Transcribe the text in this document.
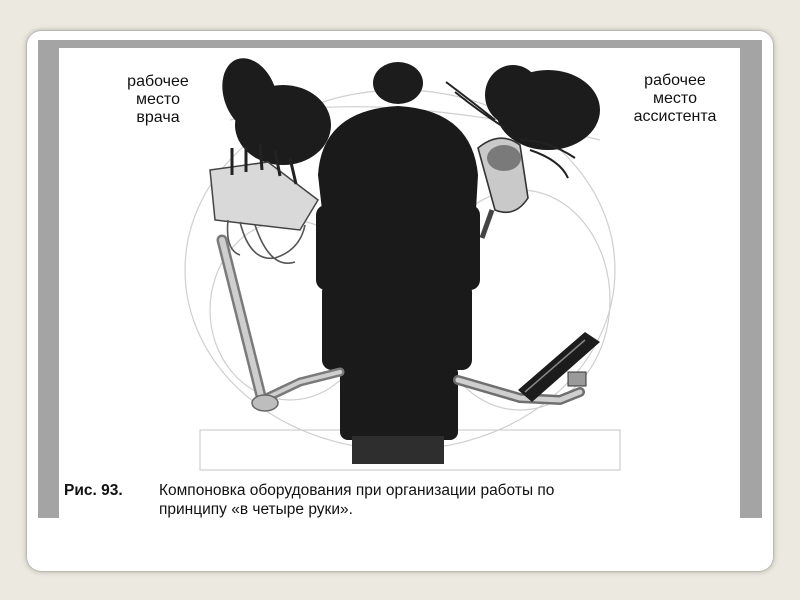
рабочее
место
врача

рабочее
место
ассистента

Рис. 93. Компоновка оборудования при организации работы по
принципу «в четыре руки».
